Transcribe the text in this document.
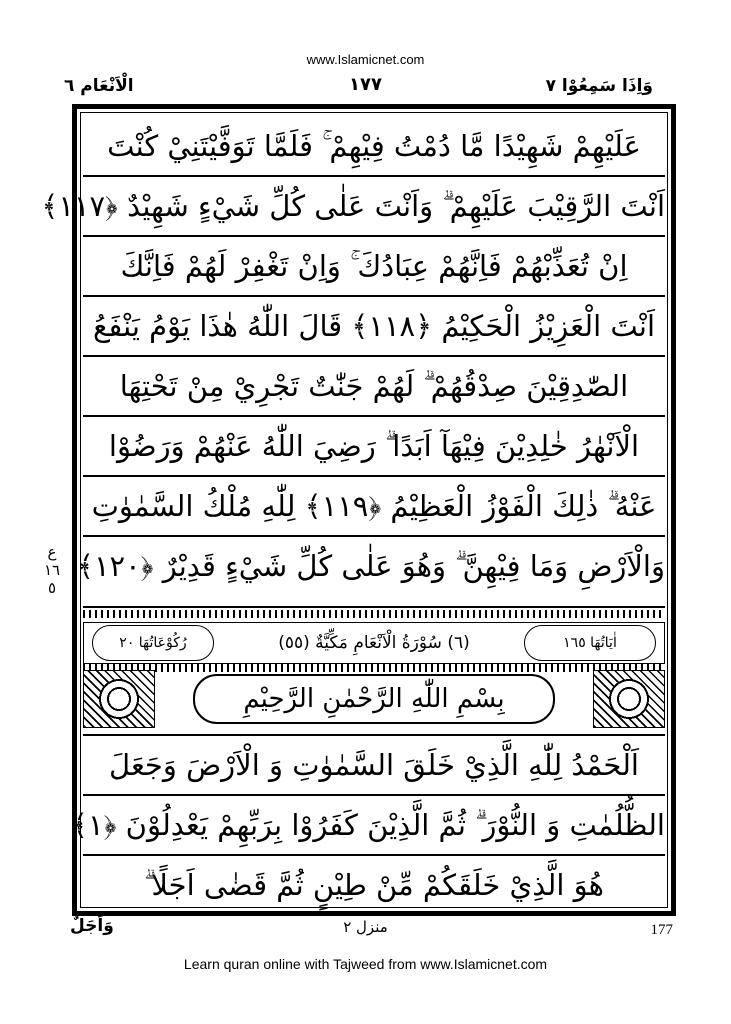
www.Islamicnet.com
وَاِذَا سَمِعُوْا ٧
١٧٧
الْاَنْعَام ٦
ع ١٦ ٥
عَلَيْهِمْ شَهِيْدًا مَّا دُمْتُ فِيْهِمْ ۚ فَلَمَّا تَوَفَّيْتَنِيْ كُنْتَ
اَنْتَ الرَّقِيْبَ عَلَيْهِمْ ۗ وَاَنْتَ عَلٰى كُلِّ شَيْءٍ شَهِيْدٌ ﴿١١٧﴾
اِنْ تُعَذِّبْهُمْ فَاِنَّهُمْ عِبَادُكَ ۚ وَاِنْ تَغْفِرْ لَهُمْ فَاِنَّكَ
اَنْتَ الْعَزِيْزُ الْحَكِيْمُ ﴿١١٨﴾ قَالَ اللّٰهُ هٰذَا يَوْمُ يَنْفَعُ
الصّٰدِقِيْنَ صِدْقُهُمْ ۗ لَهُمْ جَنّٰتٌ تَجْرِيْ مِنْ تَحْتِهَا
الْاَنْهٰرُ خٰلِدِيْنَ فِيْهَآ اَبَدًا ۗ رَضِيَ اللّٰهُ عَنْهُمْ وَرَضُوْا
عَنْهُ ۗ ذٰلِكَ الْفَوْزُ الْعَظِيْمُ ﴿١١٩﴾ لِلّٰهِ مُلْكُ السَّمٰوٰتِ
وَالْاَرْضِ وَمَا فِيْهِنَّ ۗ وَهُوَ عَلٰى كُلِّ شَيْءٍ قَدِيْرٌ ﴿١٢٠﴾
اٰيَاتُهَا ١٦٥
(٦) سُوْرَةُ الْاَنْعَامِ مَكِّيَّةٌ (٥٥)
رُكُوْعَاتُهَا ٢٠
بِسْمِ اللّٰهِ الرَّحْمٰنِ الرَّحِيْمِ
اَلْحَمْدُ لِلّٰهِ الَّذِيْ خَلَقَ السَّمٰوٰتِ وَ الْاَرْضَ وَجَعَلَ
الظُّلُمٰتِ وَ النُّوْرَ ۗ ثُمَّ الَّذِيْنَ كَفَرُوْا بِرَبِّهِمْ يَعْدِلُوْنَ ﴿١﴾
هُوَ الَّذِيْ خَلَقَكُمْ مِّنْ طِيْنٍ ثُمَّ قَضٰى اَجَلًا ۗ
وَاَجَلٌ	منزل ٢	177
Learn quran online with Tajweed from www.Islamicnet.com
